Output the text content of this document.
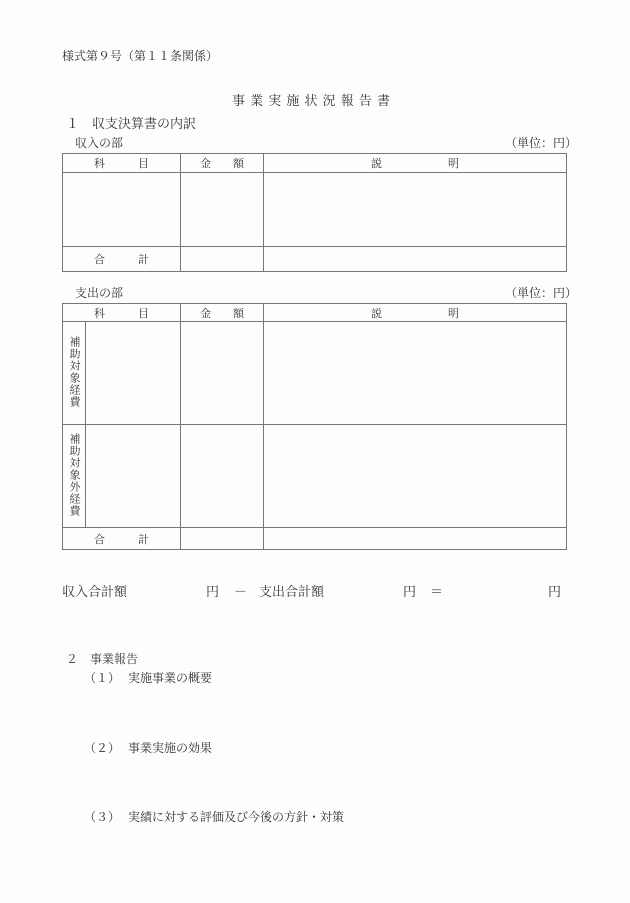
様式第９号（第１１条関係）
事 業 実 施 状 況 報 告 書
１　収支決算書の内訳
収入の部	（単位：円）
科　　　目	金　　額	説　　　　　　明

合　　　計		
支出の部	（単位：円）
科　　　目		金　　額	説　　　　　　明
補助対象経費			
補助対象外経費			
合　　　計			
収入合計額	円 － 支出合計額	円 ＝	円
２　事業報告
（１） 実施事業の概要
（２） 事業実施の効果
（３） 実績に対する評価及び今後の方針・対策
